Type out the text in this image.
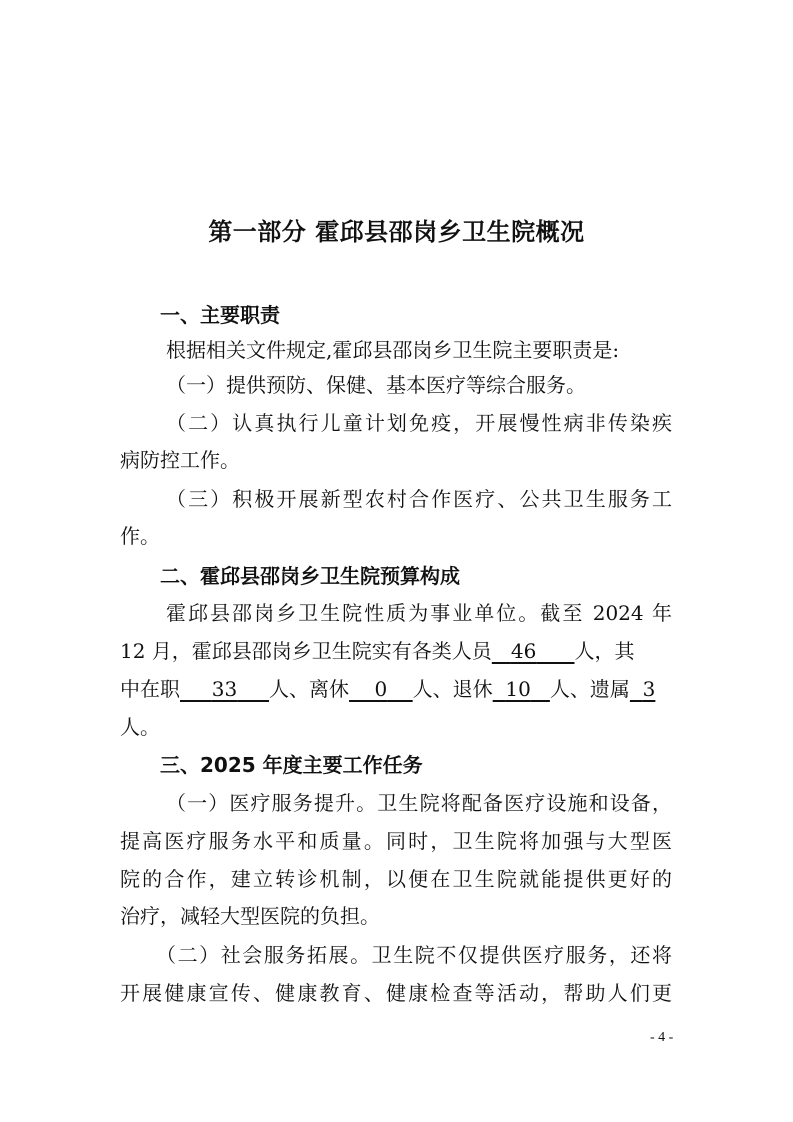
第一部分 霍邱县邵岗乡卫生院概况
一、主要职责
根据相关文件规定,霍邱县邵岗乡卫生院主要职责是:
（一）提供预防、保健、基本医疗等综合服务。
（二）认真执行儿童计划免疫，开展慢性病非传染疾
病防控工作。
（三）积极开展新型农村合作医疗、公共卫生服务工
作。
二、霍邱县邵岗乡卫生院预算构成
霍邱县邵岗乡卫生院性质为事业单位。截至 2024 年
12 月，霍邱县邵岗乡卫生院实有各类人员 46 人，其
中在职 33 人、离休 0 人、退休 10 人、遗属 3
人。
三、2025 年度主要工作任务
（一）医疗服务提升。卫生院将配备医疗设施和设备，
提高医疗服务水平和质量。同时，卫生院将加强与大型医
院的合作，建立转诊机制，以便在卫生院就能提供更好的
治疗，减轻大型医院的负担。
（二）社会服务拓展。卫生院不仅提供医疗服务，还将
开展健康宣传、健康教育、健康检查等活动，帮助人们更
- 4 -
